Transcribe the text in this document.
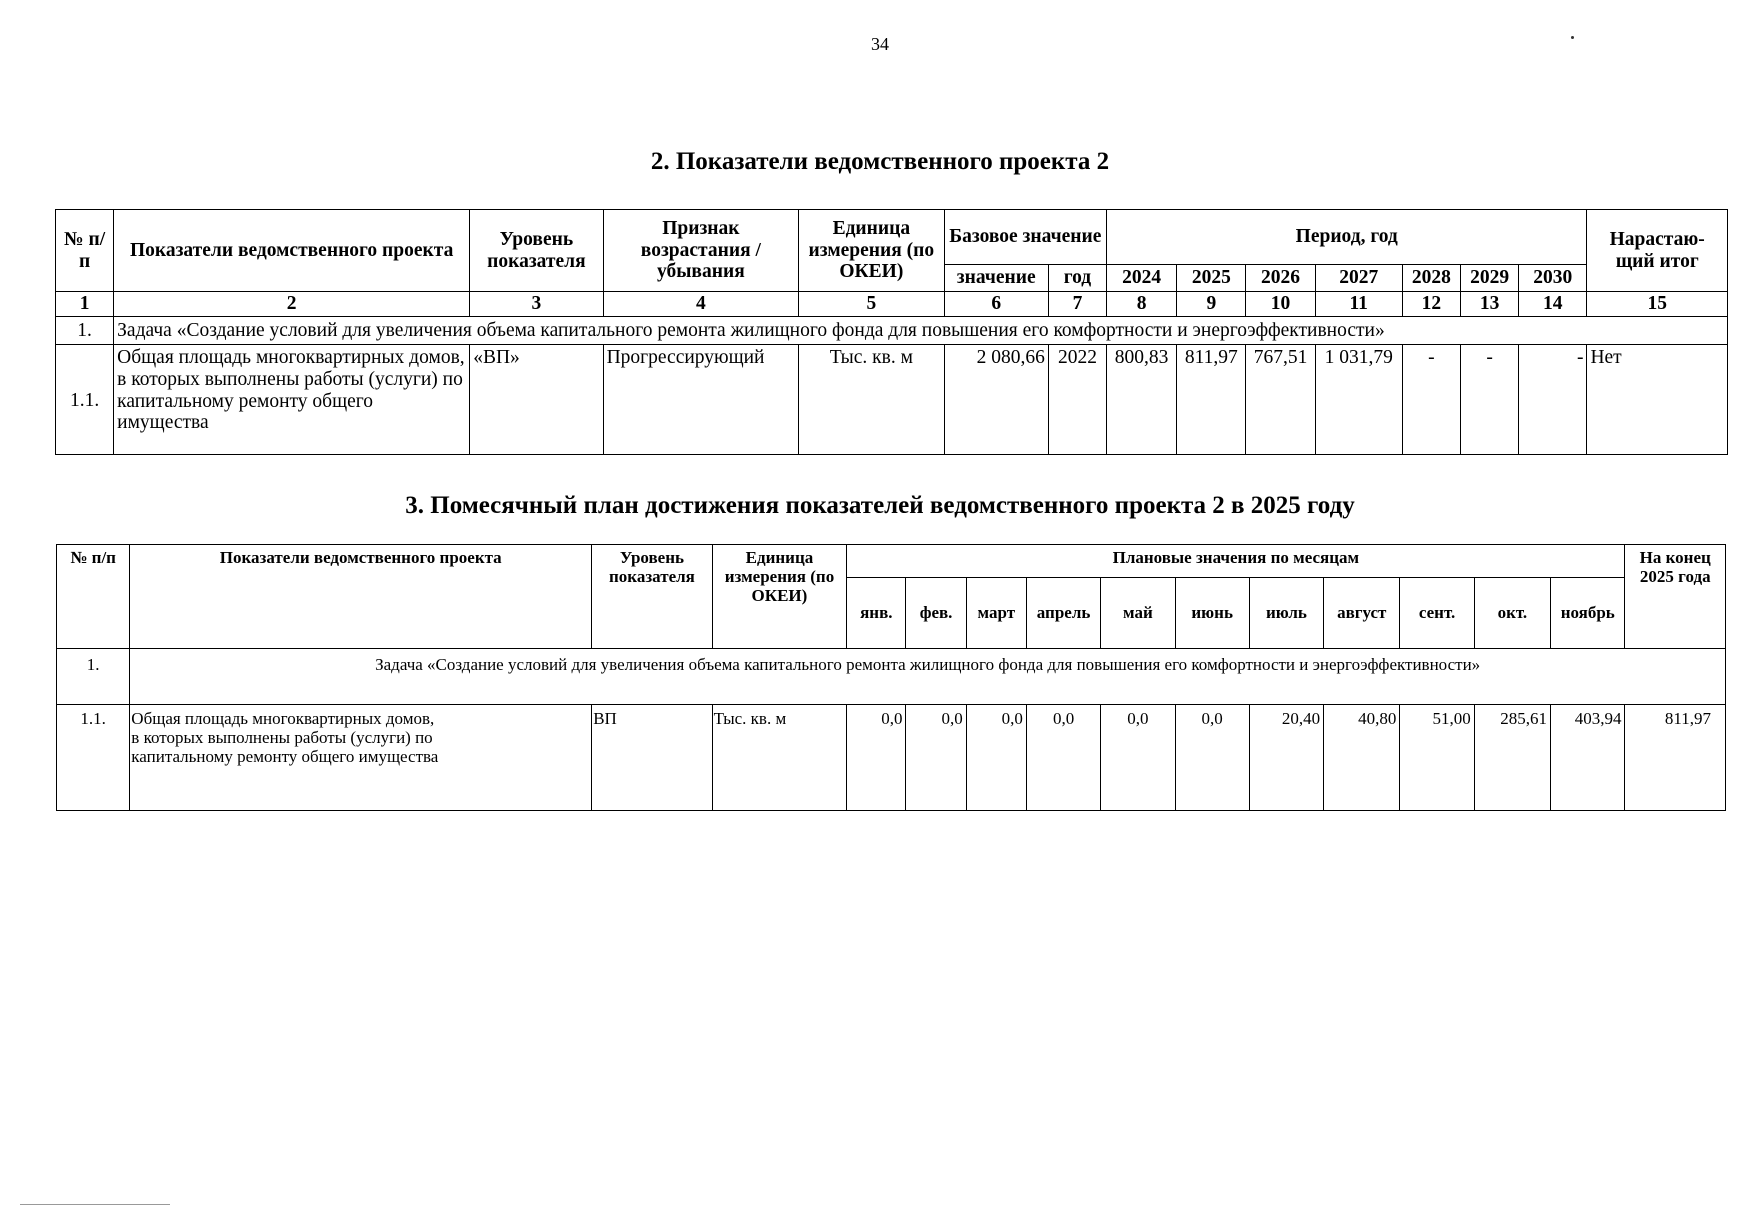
34
2. Показатели ведомственного проекта 2
№ п/п	Показатели ведомственного проекта	Уровень показателя	Признак возрастания / убывания	Единица измерения (по ОКЕИ)	Базовое значение		Период, год							Нарастаю-щий итог
					значение	год	2024	2025	2026	2027	2028	2029	2030	
1	2	3	4	5	6	7	8	9	10	11	12	13	14	15
1.	Задача «Создание условий для увеличения объема капитального ремонта жилищного фонда для повышения его комфортности и энергоэффективности»													
1.1.	Общая площадь многоквартирных домов, в которых выполнены работы (услуги) по капитальному ремонту общего имущества	«ВП»	Прогрессирующий	Тыс. кв. м	2 080,66	2022	800,83	811,97	767,51	1 031,79	-	-	-	Нет
3. Помесячный план достижения показателей ведомственного проекта 2 в 2025 году
№ п/п	Показатели ведомственного проекта	Уровень показателя	Единица измерения (по ОКЕИ)	Плановые значения по месяцам											На конец 2025 года
				янв.	фев.	март	апрель	май	июнь	июль	август	сент.	окт.	ноябрь	
1.	Задача «Создание условий для увеличения объема капитального ремонта жилищного фонда для повышения его комфортности и энергоэффективности»														
1.1.	Общая площадь многоквартирных домов,
в которых выполнены работы (услуги) по
капитальному ремонту общего имущества	ВП	Тыс. кв. м	0,0	0,0	0,0	0,0	0,0	0,0	20,40	40,80	51,00	285,61	403,94	811,97
